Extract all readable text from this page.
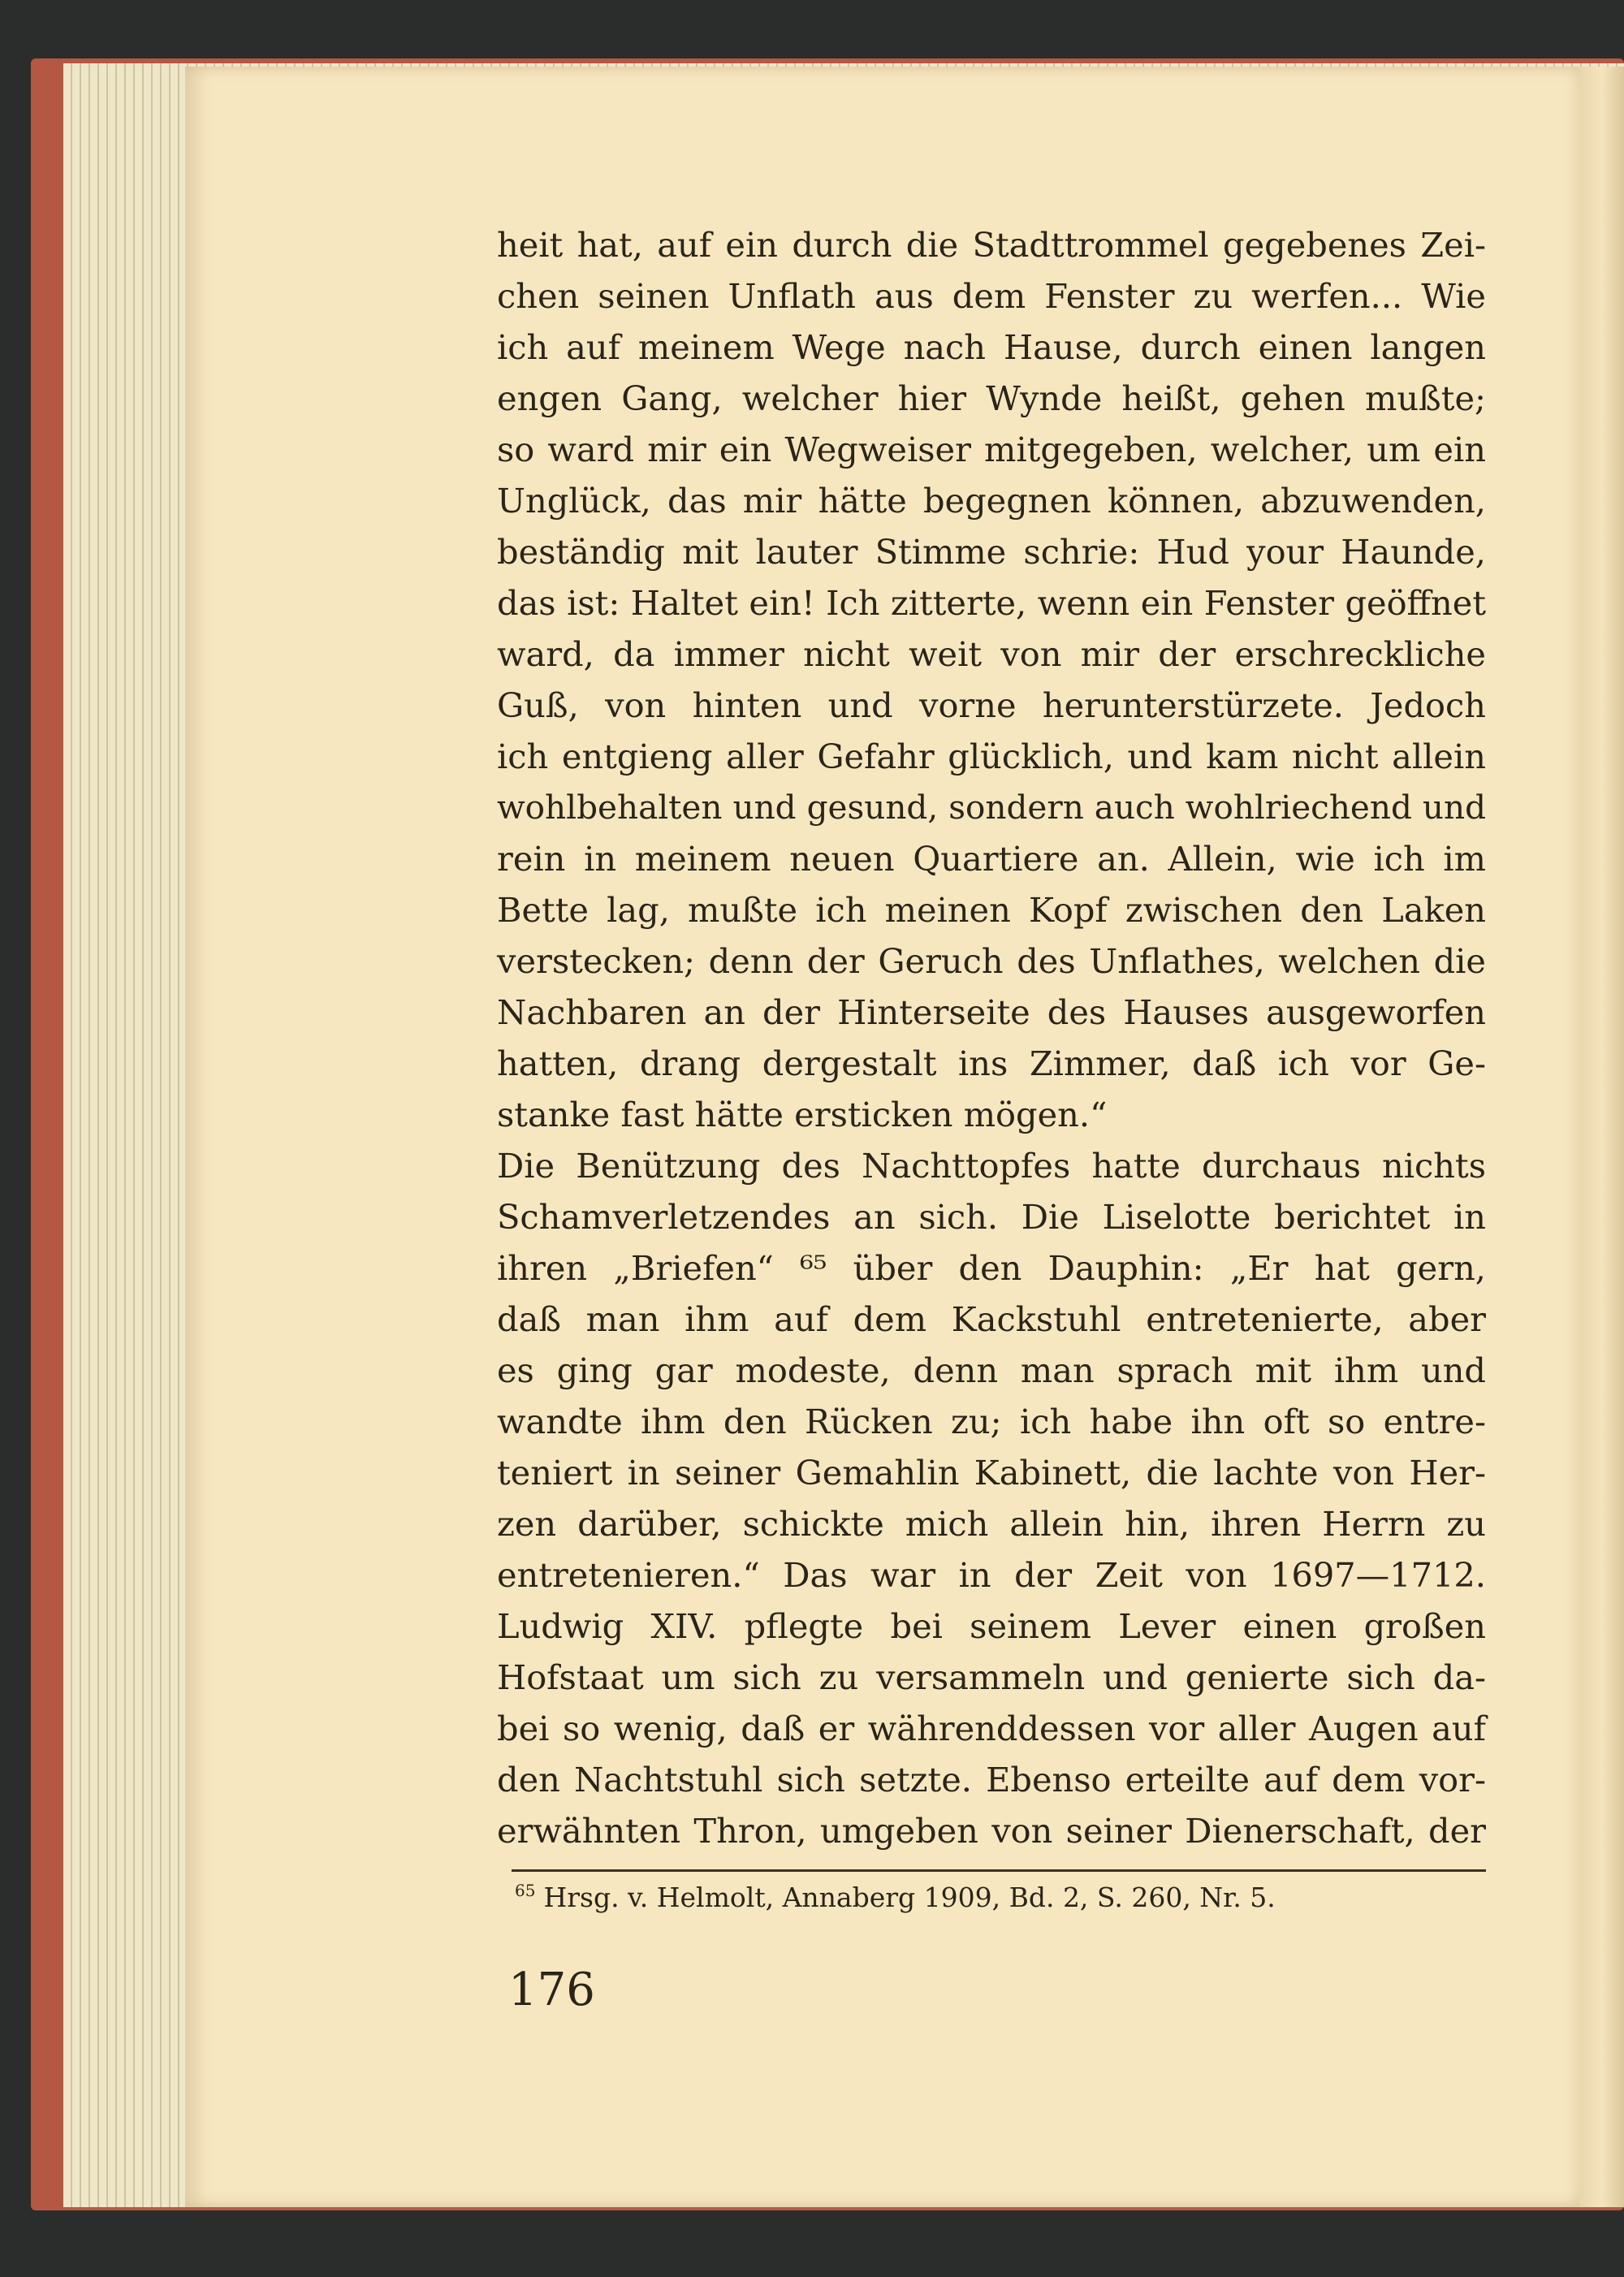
heit hat, auf ein durch die Stadttrommel gegebenes Zei-
chen seinen Unflath aus dem Fenster zu werfen... Wie
ich auf meinem Wege nach Hause, durch einen langen
engen Gang, welcher hier Wynde heißt, gehen mußte;
so ward mir ein Wegweiser mitgegeben, welcher, um ein
Unglück, das mir hätte begegnen können, abzuwenden,
beständig mit lauter Stimme schrie: Hud your Haunde,
das ist: Haltet ein! Ich zitterte, wenn ein Fenster geöffnet
ward, da immer nicht weit von mir der erschreckliche
Guß, von hinten und vorne herunterstürzete. Jedoch
ich entgieng aller Gefahr glücklich, und kam nicht allein
wohlbehalten und gesund, sondern auch wohlriechend und
rein in meinem neuen Quartiere an. Allein, wie ich im
Bette lag, mußte ich meinen Kopf zwischen den Laken
verstecken; denn der Geruch des Unflathes, welchen die
Nachbaren an der Hinterseite des Hauses ausgeworfen
hatten, drang dergestalt ins Zimmer, daß ich vor Ge-
stanke fast hätte ersticken mögen.“
Die Benützung des Nachttopfes hatte durchaus nichts
Schamverletzendes an sich. Die Liselotte berichtet in
ihren „Briefen“ ⁶⁵ über den Dauphin: „Er hat gern,
daß man ihm auf dem Kackstuhl entretenierte, aber
es ging gar modeste, denn man sprach mit ihm und
wandte ihm den Rücken zu; ich habe ihn oft so entre-
teniert in seiner Gemahlin Kabinett, die lachte von Her-
zen darüber, schickte mich allein hin, ihren Herrn zu
entretenieren.“ Das war in der Zeit von 1697—1712.
Ludwig XIV. pflegte bei seinem Lever einen großen
Hofstaat um sich zu versammeln und genierte sich da-
bei so wenig, daß er währenddessen vor aller Augen auf
den Nachtstuhl sich setzte. Ebenso erteilte auf dem vor-
erwähnten Thron, umgeben von seiner Dienerschaft, der
$^{65}$ Hrsg. v. Helmolt, Annaberg 1909, Bd. 2, S. 260, Nr. 5.
176
